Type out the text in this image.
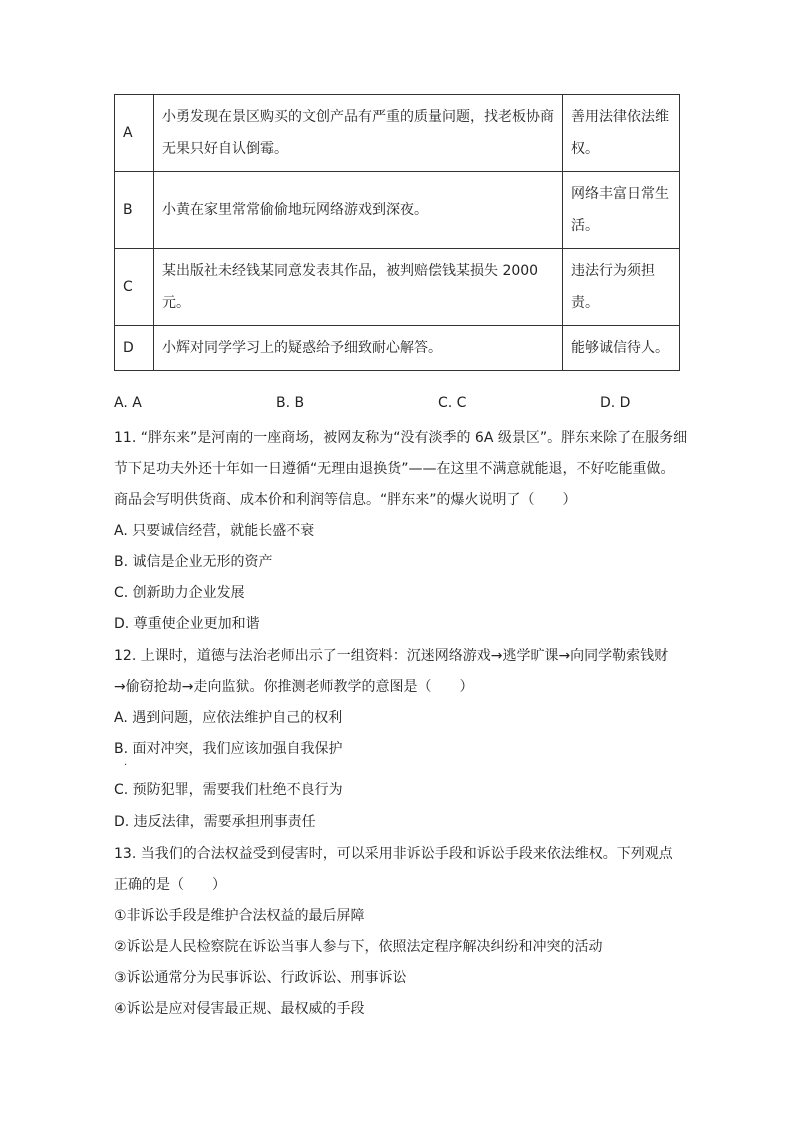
A	小勇发现在景区购买的文创产品有严重的质量问题，找老板协商无果只好自认倒霉。	善用法律依法维权。
B	小黄在家里常常偷偷地玩网络游戏到深夜。	网络丰富日常生活。
C	某出版社未经钱某同意发表其作品，被判赔偿钱某损失 2000 元。	违法行为须担责。
D	小辉对同学学习上的疑惑给予细致耐心解答。	能够诚信待人。
A. A	B. B	C. C	D. D
11. “胖东来”是河南的一座商场，被网友称为“没有淡季的 6A 级景区”。胖东来除了在服务细
节下足功夫外还十年如一日遵循“无理由退换货”——在这里不满意就能退，不好吃能重做。
商品会写明供货商、成本价和利润等信息。“胖东来”的爆火说明了（　　）
A. 只要诚信经营，就能长盛不衰
B. 诚信是企业无形的资产
C. 创新助力企业发展
D. 尊重使企业更加和谐
12. 上课时，道德与法治老师出示了一组资料：沉迷网络游戏→逃学旷课→向同学勒索钱财
→偷窃抢劫→走向监狱。你推测老师教学的意图是（　　）
A. 遇到问题，应依法维护自己的权利
B. 面对冲突，我们应该加强自我保护
·
C. 预防犯罪，需要我们杜绝不良行为
D. 违反法律，需要承担刑事责任
13. 当我们的合法权益受到侵害时，可以采用非诉讼手段和诉讼手段来依法维权。下列观点
正确的是（　　）
①非诉讼手段是维护合法权益的最后屏障
②诉讼是人民检察院在诉讼当事人参与下，依照法定程序解决纠纷和冲突的活动
③诉讼通常分为民事诉讼、行政诉讼、刑事诉讼
④诉讼是应对侵害最正规、最权威的手段
